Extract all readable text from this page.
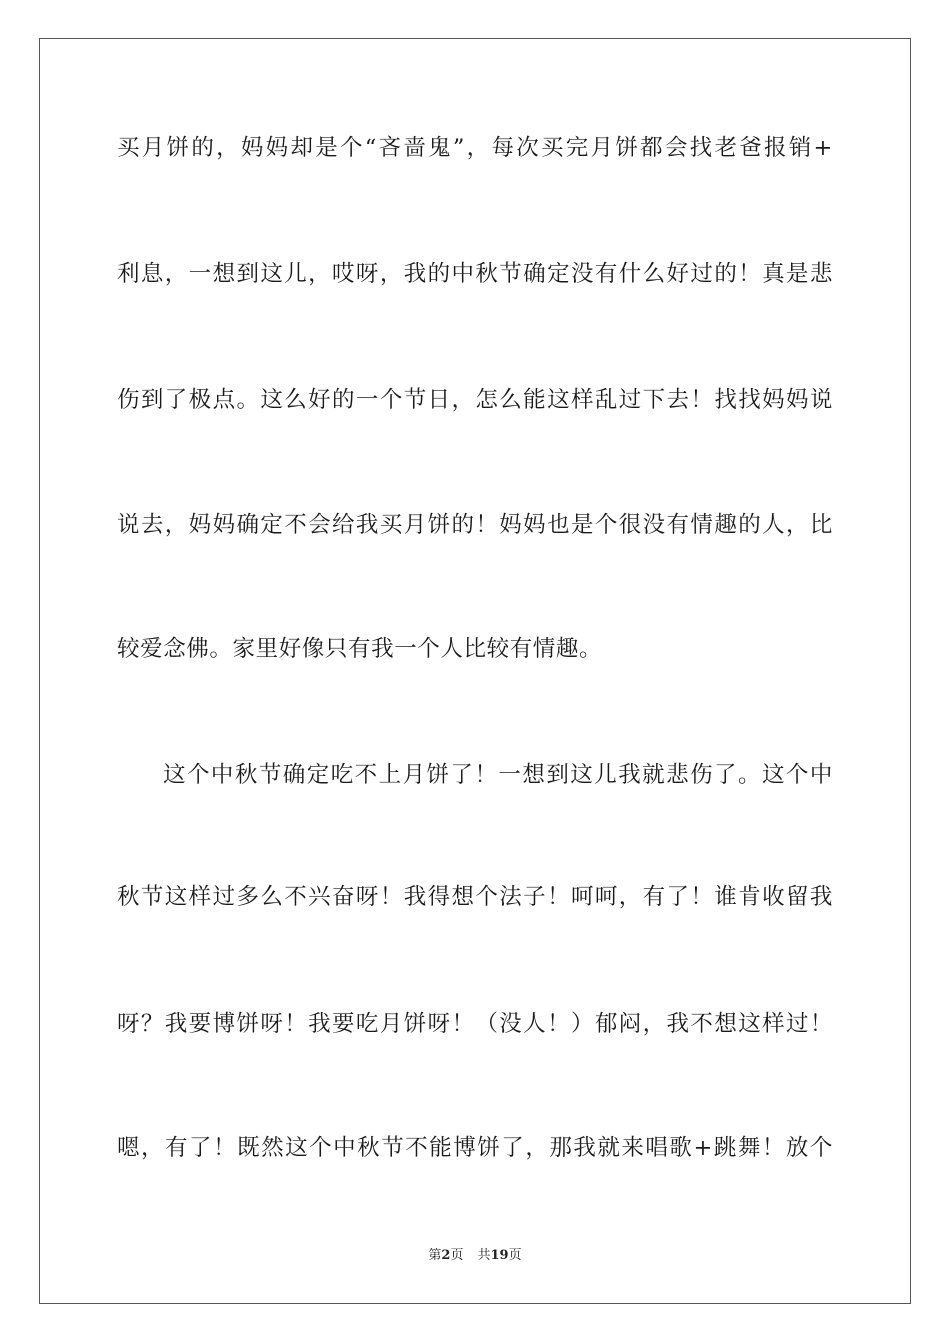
买月饼的，妈妈却是个“吝啬鬼”，每次买完月饼都会找老爸报销+
利息，一想到这儿，哎呀，我的中秋节确定没有什么好过的！真是悲
伤到了极点。这么好的一个节日，怎么能这样乱过下去！找找妈妈说
说去，妈妈确定不会给我买月饼的！妈妈也是个很没有情趣的人，比
较爱念佛。家里好像只有我一个人比较有情趣。
这个中秋节确定吃不上月饼了！一想到这儿我就悲伤了。这个中
秋节这样过多么不兴奋呀！我得想个法子！呵呵，有了！谁肯收留我
呀？我要博饼呀！我要吃月饼呀！（没人！）郁闷，我不想这样过！
嗯，有了！既然这个中秋节不能博饼了，那我就来唱歌+跳舞！放个
第2页 共19页
